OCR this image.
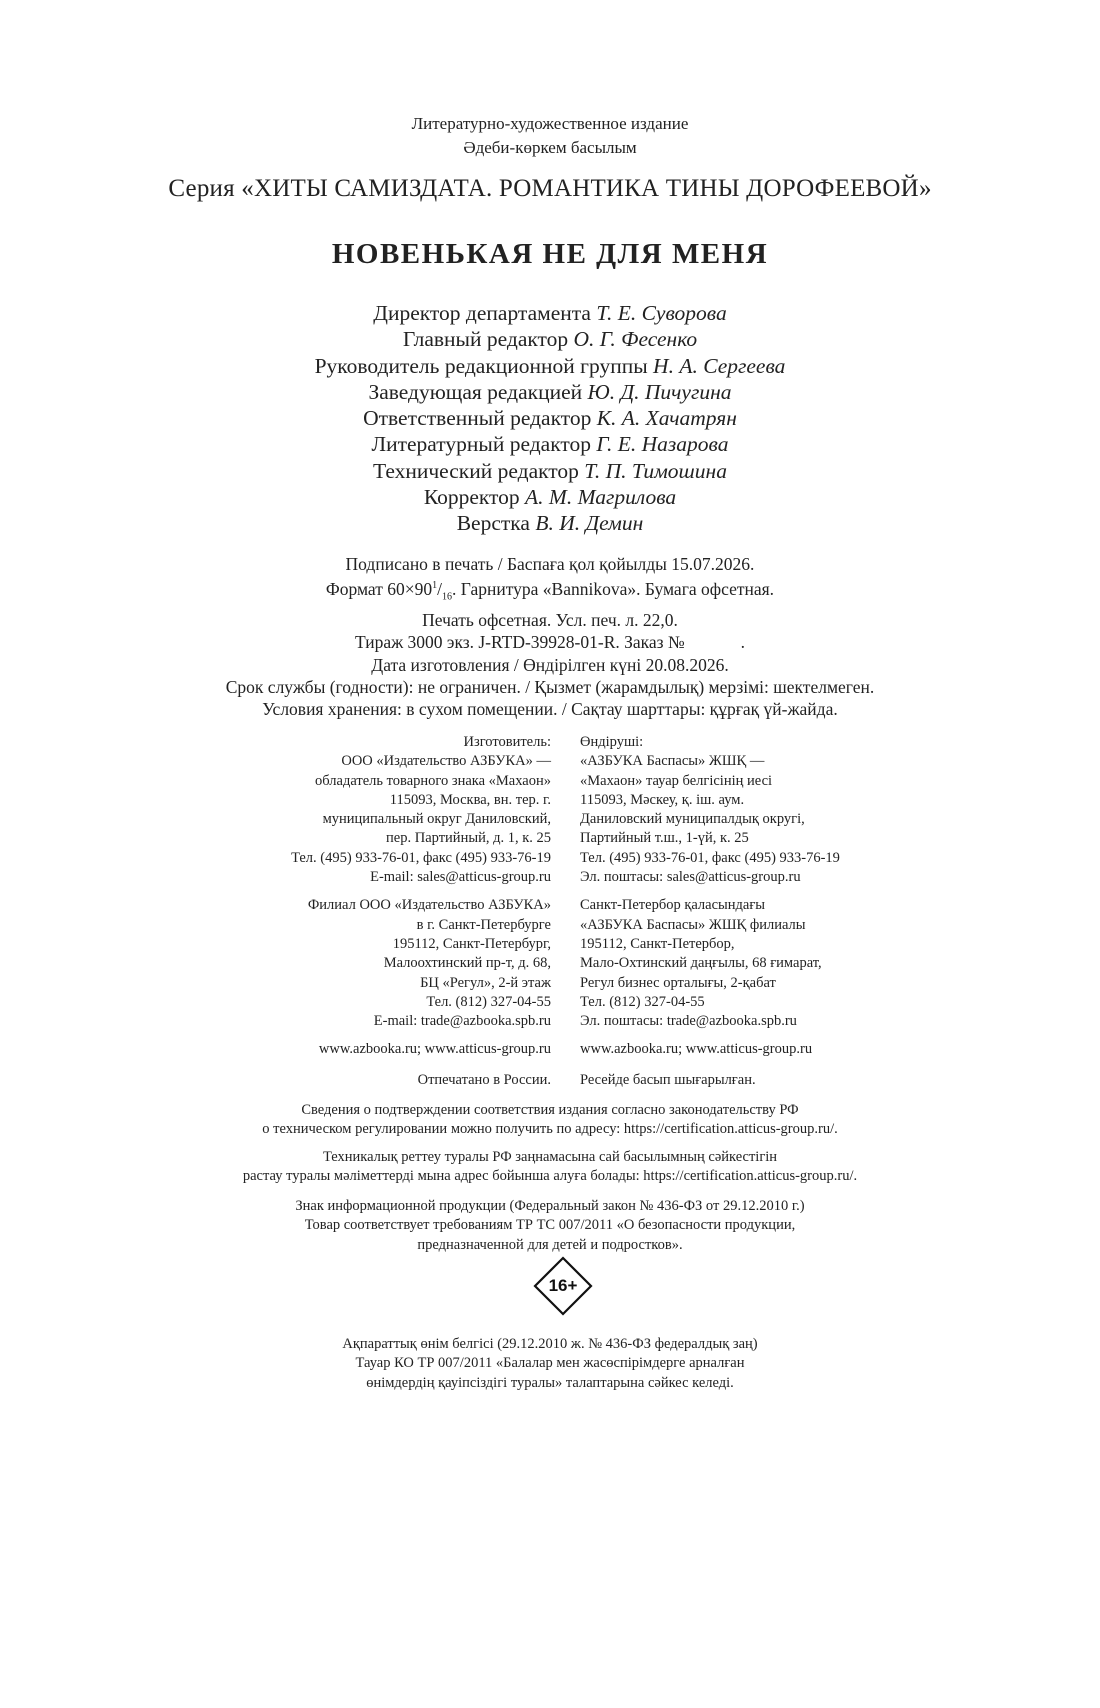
Литературно-художественное издание
Әдеби-көркем басылым
Серия «ХИТЫ САМИЗДАТА. РОМАНТИКА ТИНЫ ДОРОФЕЕВОЙ»
НОВЕНЬКАЯ НЕ ДЛЯ МЕНЯ
Директор департамента Т. Е. Суворова
Главный редактор О. Г. Фесенко
Руководитель редакционной группы Н. А. Сергеева
Заведующая редакцией Ю. Д. Пичугина
Ответственный редактор К. А. Хачатрян
Литературный редактор Г. Е. Назарова
Технический редактор Т. П. Тимошина
Корректор А. М. Магрилова
Верстка В. И. Демин
Подписано в печать / Баспаға қол қойылды 15.07.2026.
Формат $60\times 90^1/_{16}$. Гарнитура «Bannikova». Бумага офсетная.
Печать офсетная. Усл. печ. л. 22,0.
Тираж 3000 экз. J-RTD-39928-01-R. Заказ №	.
Дата изготовления / Өндірілген күні 20.08.2026.
Срок службы (годности): не ограничен. / Қызмет (жарамдылық) мерзімі: шектелмеген.
Условия хранения: в сухом помещении. / Сақтау шарттары: құрғақ үй-жайда.
Изготовитель:
ООО «Издательство АЗБУКА» —
обладатель товарного знака «Махаон»
115093, Москва, вн. тер. г.
муниципальный округ Даниловский,
пер. Партийный, д. 1, к. 25
Тел. (495) 933-76-01, факс (495) 933-76-19
E-mail: sales@atticus-group.ru
Филиал ООО «Издательство АЗБУКА»
в г. Санкт-Петербурге
195112, Санкт-Петербург,
Малоохтинский пр-т, д. 68,
БЦ «Регул», 2-й этаж
Тел. (812) 327-04-55
E-mail: trade@azbooka.spb.ru
www.azbooka.ru; www.atticus-group.ru
Отпечатано в России.
Өндіруші:
«АЗБУКА Баспасы» ЖШҚ —
«Махаон» тауар белгісінің иесі
115093, Мәскеу, қ. іш. аум.
Даниловский муниципалдық округі,
Партийный т.ш., 1-үй, к. 25
Тел. (495) 933-76-01, факс (495) 933-76-19
Эл. поштасы: sales@atticus-group.ru
Санкт-Петербор қаласындағы
«АЗБУКА Баспасы» ЖШҚ филиалы
195112, Санкт-Петербор,
Мало-Охтинский даңғылы, 68 ғимарат,
Регул бизнес орталығы, 2-қабат
Тел. (812) 327-04-55
Эл. поштасы: trade@azbooka.spb.ru
www.azbooka.ru; www.atticus-group.ru
Ресейде басып шығарылған.
Сведения о подтверждении соответствия издания согласно законодательству РФ
о техническом регулировании можно получить по адресу: https://certification.atticus-group.ru/.
Техникалық реттеу туралы РФ заңнамасына сай басылымның сәйкестігін
растау туралы мәліметтерді мына адрес бойынша алуға болады: https://certification.atticus-group.ru/.
Знак информационной продукции (Федеральный закон № 436-ФЗ от 29.12.2010 г.)
Товар соответствует требованиям ТР ТС 007/2011 «О безопасности продукции,
предназначенной для детей и подростков».
16+
Ақпараттық өнім белгісі (29.12.2010 ж. № 436-ФЗ федералдық заң)
Тауар КО ТР 007/2011 «Балалар мен жасөспірімдерге арналған
өнімдердің қауіпсіздігі туралы» талаптарына сәйкес келеді.
